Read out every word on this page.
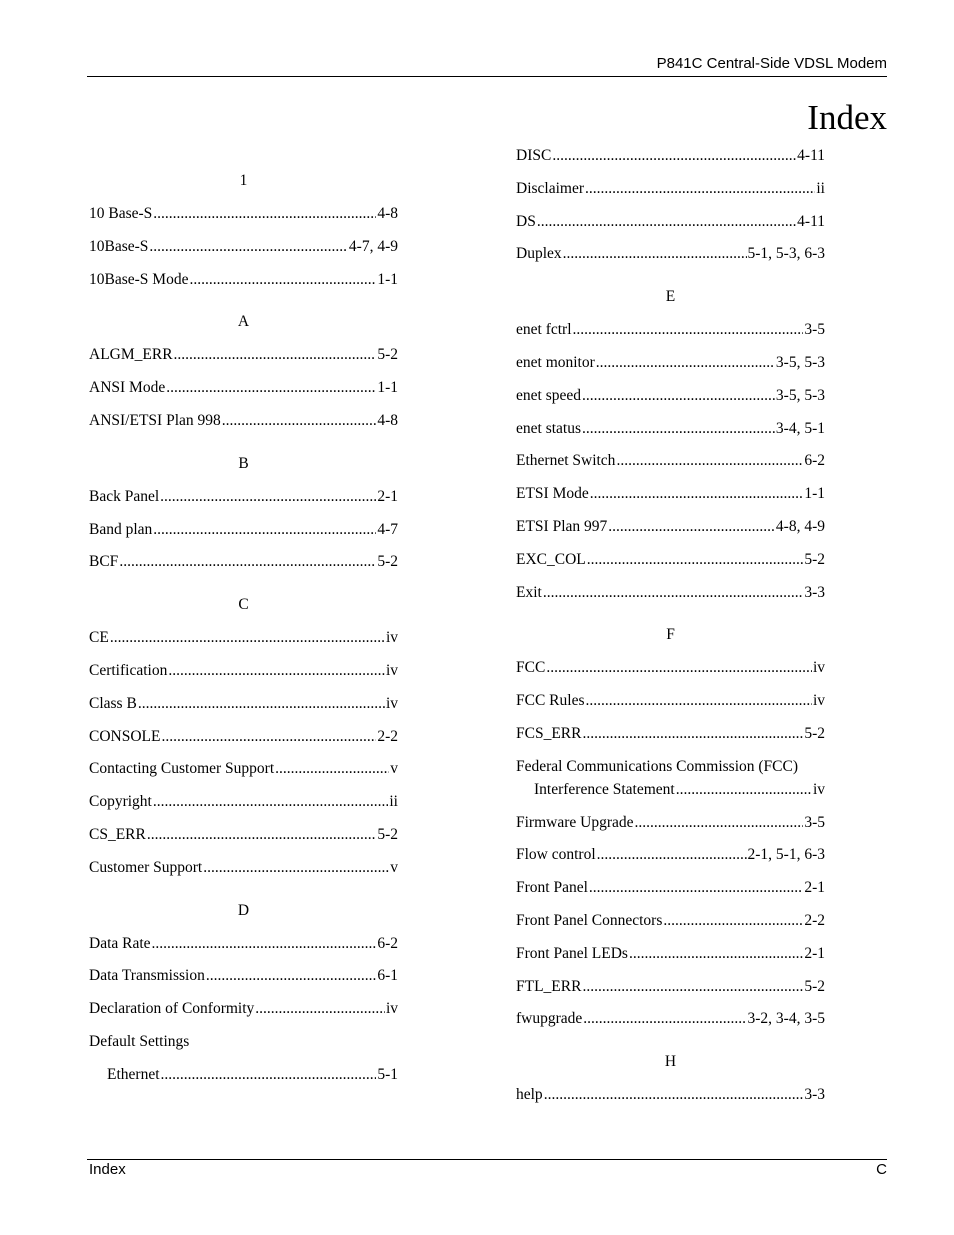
P841C Central-Side VDSL Modem
Index
1
10 Base-S .....	4-8
10Base-S .....	4-7, 4-9
10Base-S Mode .....	1-1
A
ALGM_ERR .....	5-2
ANSI Mode .....	1-1
ANSI/ETSI Plan 998 .....	4-8
B
Back Panel .....	2-1
Band plan .....	4-7
BCF .....	5-2
C
CE .....	iv
Certification .....	iv
Class B .....	iv
CONSOLE .....	2-2
Contacting Customer Support .....	v
Copyright .....	ii
CS_ERR .....	5-2
Customer Support .....	v
D
Data Rate .....	6-2
Data Transmission .....	6-1
Declaration of Conformity .....	iv
Default Settings
Ethernet .....	5-1
DISC .....	4-11
Disclaimer .....	ii
DS .....	4-11
Duplex .....	5-1, 5-3, 6-3
E
enet fctrl .....	3-5
enet monitor .....	3-5, 5-3
enet speed .....	3-5, 5-3
enet status .....	3-4, 5-1
Ethernet Switch .....	6-2
ETSI Mode .....	1-1
ETSI Plan 997 .....	4-8, 4-9
EXC_COL .....	5-2
Exit .....	3-3
F
FCC .....	iv
FCC Rules .....	iv
FCS_ERR .....	5-2
Federal Communications Commission (FCC)
Interference Statement .....	iv
Firmware Upgrade .....	3-5
Flow control .....	2-1, 5-1, 6-3
Front Panel .....	2-1
Front Panel Connectors .....	2-2
Front Panel LEDs .....	2-1
FTL_ERR .....	5-2
fwupgrade .....	3-2, 3-4, 3-5
H
help .....	3-3
Index	C
